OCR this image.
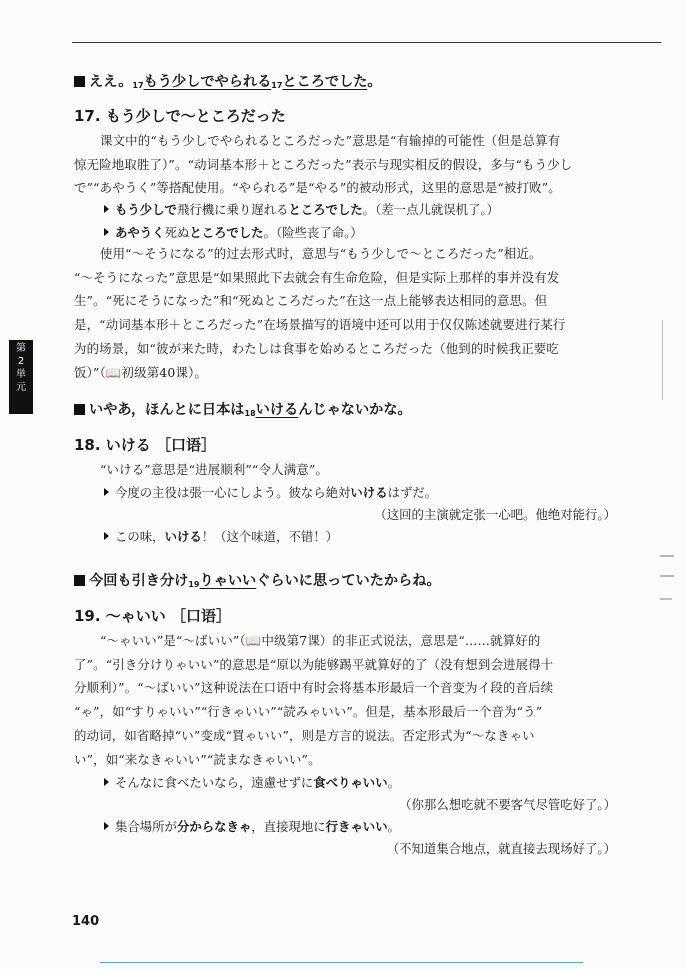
第
2
単
元
ええ。17もう少しでやられる17ところでした。
17. もう少しで～ところだった
课文中的“もう少しでやられるところだった”意思是“有输掉的可能性（但是总算有
惊无险地取胜了）”。“动词基本形＋ところだった”表示与现实相反的假设，多与“もう少し
で”“あやうく”等搭配使用。“やられる”是“やる”的被动形式，这里的意思是“被打败”。
もう少しで飛行機に乗り遅れるところでした。（差一点儿就误机了。）
あやうく死ぬところでした。（险些丧了命。）
使用“～そうになる”的过去形式时，意思与“もう少しで～ところだった”相近。
“～そうになった”意思是“如果照此下去就会有生命危险，但是实际上那样的事并没有发
生”。“死にそうになった”和“死ぬところだった”在这一点上能够表达相同的意思。但
是，“动词基本形＋ところだった”在场景描写的语境中还可以用于仅仅陈述就要进行某行
为的场景，如“彼が来た時，わたしは食事を始めるところだった（他到的时候我正要吃
饭）”（📖初级第40课）。
いやあ，ほんとに日本は18いけるんじゃないかな。
18. いける ［口语］
“いける”意思是“进展顺利”“令人满意”。
今度の主役は張一心にしよう。彼なら絶対いけるはずだ。
（这回的主演就定张一心吧。他绝对能行。）
この味，いける！（这个味道，不错！）
今回も引き分け19りゃいいぐらいに思っていたからね。
19. ～ゃいい ［口语］
“～ゃいい”是“～ばいい”（📖中级第7课）的非正式说法，意思是“……就算好的
了”。“引き分けりゃいい”的意思是“原以为能够踢平就算好的了（没有想到会进展得十
分顺利）”。“～ばいい”这种说法在口语中有时会将基本形最后一个音变为イ段的音后续
“ゃ”，如“すりゃいい”“行きゃいい”“読みゃいい”。但是，基本形最后一个音为“う”
的动词，如省略掉“い”变成“買ゃいい”，则是方言的说法。否定形式为“～なきゃい
い”，如“来なきゃいい”“読まなきゃいい”。
そんなに食べたいなら，遠慮せずに食べりゃいい。
（你那么想吃就不要客气尽管吃好了。）
集合場所が分からなきゃ，直接現地に行きゃいい。
（不知道集合地点，就直接去现场好了。）
140
